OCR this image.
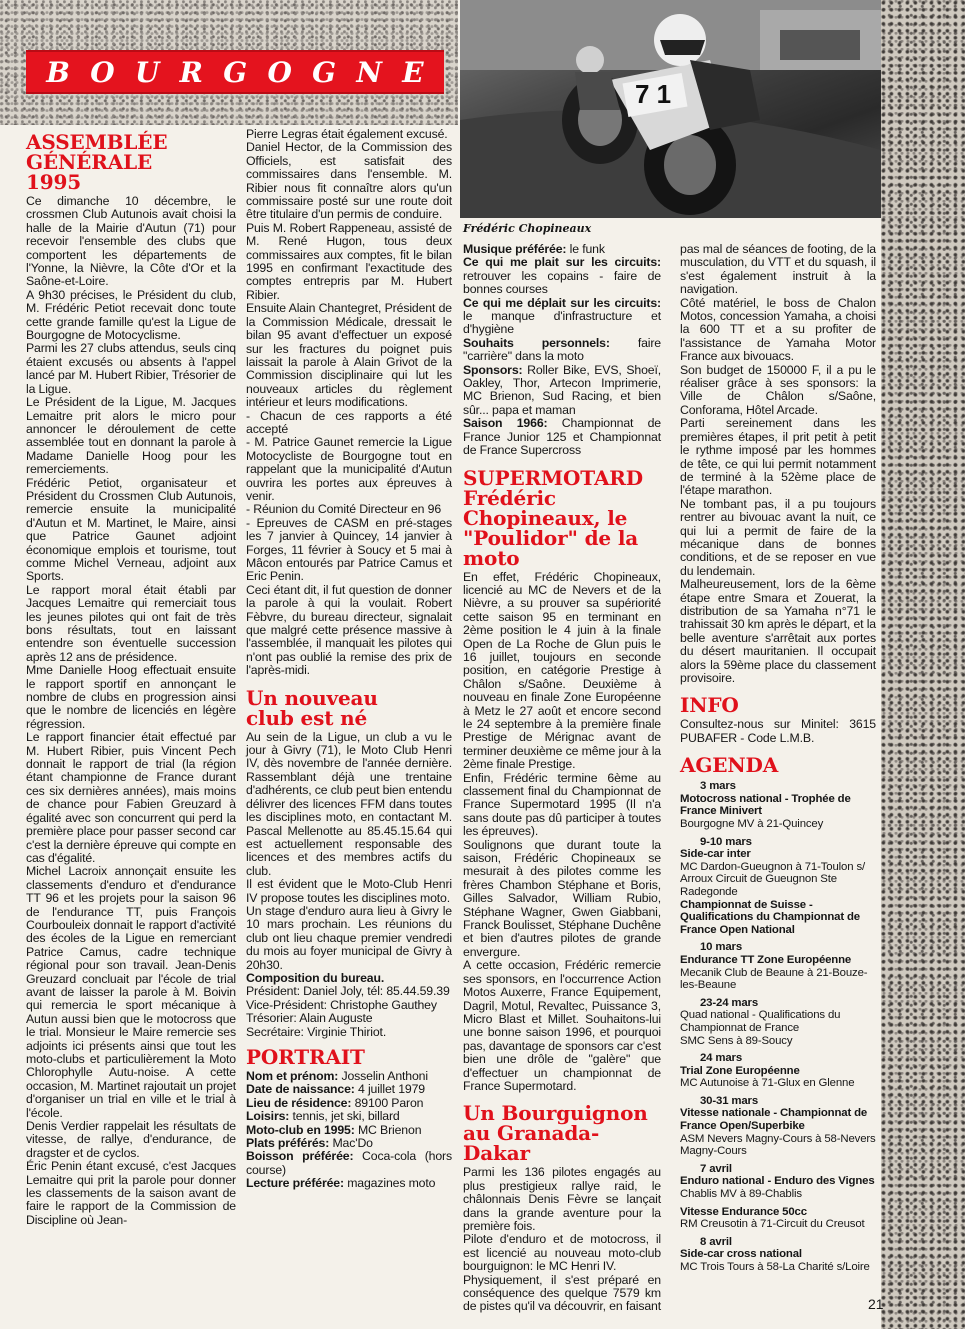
B O U R G O G N E
7 1
Frédéric Chopineaux
ASSEMBLÉE GÉNÉRALE 1995

Ce dimanche 10 décembre, le crossmen Club Autunois avait choisi la halle de la Mairie d'Autun (71) pour recevoir l'ensemble des clubs que comportent les départements de l'Yonne, la Nièvre, la Côte d'Or et la Saône-et-Loire.

A 9h30 précises, le Président du club, M. Frédéric Petiot recevait donc toute cette grande famille qu'est la Ligue de Bourgogne de Motocyclisme.

Parmi les 27 clubs attendus, seuls cinq étaient excusés ou absents à l'appel lancé par M. Hubert Ribier, Trésorier de la Ligue.

Le Président de la Ligue, M. Jacques Lemaitre prit alors le micro pour annoncer le déroulement de cette assemblée tout en donnant la parole à Madame Danielle Hoog pour les remerciements.

Frédéric Petiot, organisateur et Président du Crossmen Club Autunois, remercie ensuite la municipalité d'Autun et M. Martinet, le Maire, ainsi que Patrice Gaunet adjoint économique emplois et tourisme, tout comme Michel Verneau, adjoint aux Sports.

Le rapport moral était établi par Jacques Lemaitre qui remerciait tous les jeunes pilotes qui ont fait de très bons résultats, tout en laissant entendre son éventuelle succession après 12 ans de présidence.

Mme Danielle Hoog effectuait ensuite le rapport sportif en annonçant le nombre de clubs en progression ainsi que le nombre de licenciés en légère régression.

Le rapport financier était effectué par M. Hubert Ribier, puis Vincent Pech donnait le rapport de trial (la région étant championne de France durant ces six dernières années), mais moins de chance pour Fabien Greuzard à égalité avec son concurrent qui perd la première place pour passer second car c'est la dernière épreuve qui compte en cas d'égalité.

Michel Lacroix annonçait ensuite les classements d'enduro et d'endurance TT 96 et les projets pour la saison 96 de l'endurance TT, puis François Courbouleix donnait le rapport d'activité des écoles de la Ligue en remerciant Patrice Camus, cadre technique régional pour son travail. Jean-Denis Greuzard concluait par l'école de trial avant de laisser la parole à M. Boivin qui remercia le sport mécanique à Autun aussi bien que le motocross que le trial. Monsieur le Maire remercie ses adjoints ici présents ainsi que tout les moto-clubs et particulièrement la Moto Chlorophylle Autu-noise. A cette occasion, M. Martinet rajoutait un projet d'organiser un trial en ville et le trial à l'école.

Denis Verdier rappelait les résultats de vitesse, de rallye, d'endurance, de dragster et de cyclos.

Éric Penin étant excusé, c'est Jacques Lemaitre qui prit la parole pour donner les classements de la saison avant de faire le rapport de la Commission de Discipline où Jean-

Pierre Legras était également excusé.

Daniel Hector, de la Commission des Officiels, est satisfait des commissaires dans l'ensemble. M. Ribier nous fit connaître alors qu'un commissaire posté sur une route doit être titulaire d'un permis de conduire.

Puis M. Robert Rappeneau, assisté de M. René Hugon, tous deux commissaires aux comptes, fit le bilan 1995 en confirmant l'exactitude des comptes entrepris par M. Hubert Ribier.

Ensuite Alain Chantegret, Président de la Commission Médicale, dressait le bilan 95 avant d'effectuer un exposé sur les fractures du poignet puis laissait la parole à Alain Grivot de la Commission disciplinaire qui lut les nouveaux articles du règlement intérieur et leurs modifications.

- Chacun de ces rapports a été accepté

- M. Patrice Gaunet remercie la Ligue Motocycliste de Bourgogne tout en rappelant que la municipalité d'Autun ouvrira les portes aux épreuves à venir.

- Réunion du Comité Directeur en 96

- Epreuves de CASM en pré-stages les 7 janvier à Quincey, 14 janvier à Forges, 11 février à Soucy et 5 mai à Mâcon entourés par Patrice Camus et Eric Penin.

Ceci étant dit, il fut question de donner la parole à qui la voulait. Robert Fèbvre, du bureau directeur, signalait que malgré cette présence massive à l'assemblée, il manquait les pilotes qui n'ont pas oublié la remise des prix de l'après-midi.

Un nouveau club est né

Au sein de la Ligue, un club a vu le jour à Givry (71), le Moto Club Henri IV, dès novembre de l'année dernière. Rassemblant déjà une trentaine d'adhérents, ce club peut bien entendu délivrer des licences FFM dans toutes les disciplines moto, en contactant M. Pascal Mellenotte au 85.45.15.64 qui est actuellement responsable des licences et des membres actifs du club.

Il est évident que le Moto-Club Henri IV propose toutes les disciplines moto.

Un stage d'enduro aura lieu à Givry le 10 mars prochain. Les réunions du club ont lieu chaque premier vendredi du mois au foyer municipal de Givry à 20h30.

Composition du bureau.

Président: Daniel Joly, tél: 85.44.59.39

Vice-Président: Christophe Gauthey

Trésorier: Alain Auguste

Secrétaire: Virginie Thiriot.

PORTRAIT

Nom et prénom: Josselin Anthoni

Date de naissance: 4 juillet 1979

Lieu de résidence: 89100 Paron

Loisirs: tennis, jet ski, billard

Moto-club en 1995: MC Brienon

Plats préférés: Mac'Do

Boisson préférée: Coca-cola (hors course)

Lecture préférée: magazines moto

Musique préférée: le funk

Ce qui me plait sur les circuits: retrouver les copains - faire de bonnes courses

Ce qui me déplait sur les circuits: le manque d'infrastructure et d'hygiène

Souhaits personnels: faire "carrière" dans la moto

Sponsors: Roller Bike, EVS, Shoeï, Oakley, Thor, Artecon Imprimerie, MC Brienon, Sud Racing, et bien sûr... papa et maman

Saison 1966: Championnat de France Junior 125 et Championnat de France Supercross

SUPERMOTARD Frédéric Chopineaux, le "Poulidor" de la moto

En effet, Frédéric Chopineaux, licencié au MC de Nevers et de la Nièvre, a su prouver sa supériorité cette saison 95 en terminant en 2ème position le 4 juin à la finale Open de La Roche de Glun puis le 16 juillet, toujours en seconde position, en catégorie Prestige à Châlon s/Saône. Deuxième à nouveau en finale Zone Européenne à Metz le 27 août et encore second le 24 septembre à la première finale Prestige de Mérignac avant de terminer deuxième ce même jour à la 2ème finale Prestige.

Enfin, Frédéric termine 6ème au classement final du Championnat de France Supermotard 1995 (Il n'a sans doute pas dû participer à toutes les épreuves).

Soulignons que durant toute la saison, Frédéric Chopineaux se mesurait à des pilotes comme les frères Chambon Stéphane et Boris, Gilles Salvador, William Rubio, Stéphane Wagner, Gwen Giabbani, Franck Boulisset, Stéphane Duchêne et bien d'autres pilotes de grande envergure.

A cette occasion, Frédéric remercie ses sponsors, en l'occurrence Action Motos Auxerre, France Equipement, Dagril, Motul, Revaltec, Puissance 3, Micro Blast et Millet. Souhaitons-lui une bonne saison 1996, et pourquoi pas, davantage de sponsors car c'est bien une drôle de "galère" que d'effectuer un championnat de France Supermotard.

Un Bourguignon au Granada-Dakar

Parmi les 136 pilotes engagés au plus prestigieux rallye raid, le châlonnais Denis Fèvre se lançait dans la grande aventure pour la première fois.

Pilote d'enduro et de motocross, il est licencié au nouveau moto-club bourguignon: le MC Henri IV.

Physiquement, il s'est préparé en conséquence des quelque 7579 km de pistes qu'il va découvrir, en faisant

pas mal de séances de footing, de la musculation, du VTT et du squash, il s'est également instruit à la navigation.

Côté matériel, le boss de Chalon Motos, concession Yamaha, a choisi la 600 TT et a su profiter de l'assistance de Yamaha Motor France aux bivouacs.

Son budget de 150000 F, il a pu le réaliser grâce à ses sponsors: la Ville de Châlon s/Saône, Conforama, Hôtel Arcade.

Parti sereinement dans les premières étapes, il prit petit à petit le rythme imposé par les hommes de tête, ce qui lui permit notamment de terminé à la 52ème place de l'étape marathon.

Ne tombant pas, il a pu toujours rentrer au bivouac avant la nuit, ce qui lui a permit de faire de la mécanique dans de bonnes conditions, et de se reposer en vue du lendemain.

Malheureusement, lors de la 6ème étape entre Smara et Zouerat, la distribution de sa Yamaha n°71 le trahissait 30 km après le départ, et la belle aventure s'arrêtait aux portes du désert mauritanien. Il occupait alors la 59ème place du classement provisoire.

INFO

Consultez-nous sur Minitel: 3615 PUBAFER - Code L.M.B.

AGENDA
3 mars
Motocross national - Trophée de France Minivert
Bourgogne MV à 21-Quincey
9-10 mars
Side-car inter
MC Dardon-Gueugnon à 71-Toulon s/ Arroux Circuit de Gueugnon Ste Radegonde
Championnat de Suisse - Qualifications du Championnat de France Open National
10 mars
Endurance TT Zone Européenne
Mecanik Club de Beaune à 21-Bouze-les-Beaune
23-24 mars
Quad national - Qualifications du Championnat de France
SMC Sens à 89-Soucy
24 mars
Trial Zone Européenne
MC Autunoise à 71-Glux en Glenne
30-31 mars
Vitesse nationale - Championnat de France Open/Superbike
ASM Nevers Magny-Cours à 58-Nevers Magny-Cours
7 avril
Enduro national - Enduro des Vignes
Chablis MV à 89-Chablis
Vitesse Endurance 50cc
RM Creusotin à 71-Circuit du Creusot
8 avril
Side-car cross national
MC Trois Tours à 58-La Charité s/Loire
21
